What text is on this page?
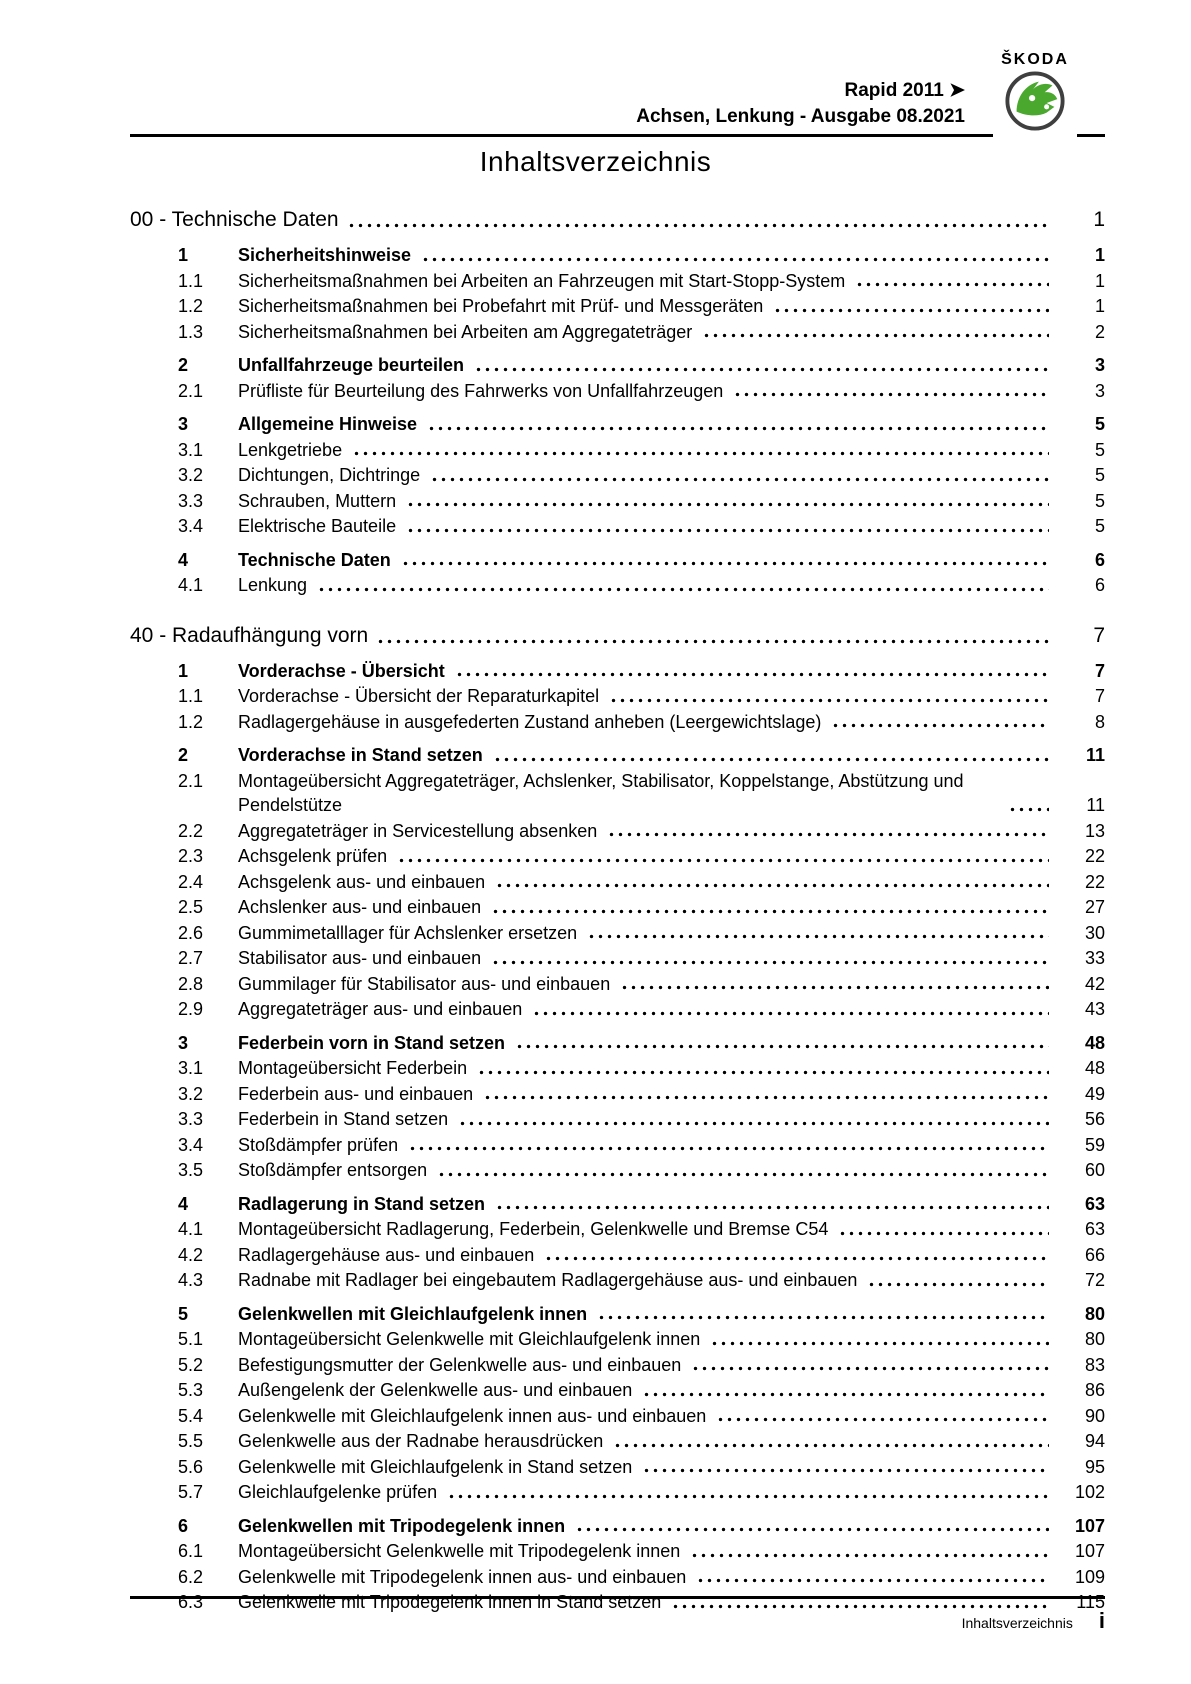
Rapid 2011 ➤
Achsen, Lenkung - Ausgabe 08.2021
ŠKODA
Inhaltsverzeichnis
00 - Technische Daten	1
1	Sicherheitshinweise	1
1.1	Sicherheitsmaßnahmen bei Arbeiten an Fahrzeugen mit Start-Stopp-System	1
1.2	Sicherheitsmaßnahmen bei Probefahrt mit Prüf- und Messgeräten	1
1.3	Sicherheitsmaßnahmen bei Arbeiten am Aggregateträger	2
2	Unfallfahrzeuge beurteilen	3
2.1	Prüfliste für Beurteilung des Fahrwerks von Unfallfahrzeugen	3
3	Allgemeine Hinweise	5
3.1	Lenkgetriebe	5
3.2	Dichtungen, Dichtringe	5
3.3	Schrauben, Muttern	5
3.4	Elektrische Bauteile	5
4	Technische Daten	6
4.1	Lenkung	6
40 - Radaufhängung vorn	7
1	Vorderachse - Übersicht	7
1.1	Vorderachse - Übersicht der Reparaturkapitel	7
1.2	Radlagergehäuse in ausgefederten Zustand anheben (Leergewichtslage)	8
2	Vorderachse in Stand setzen	11
2.1	Montageübersicht Aggregateträger, Achslenker, Stabilisator, Koppelstange, Abstützung und Pendelstütze	11
2.2	Aggregateträger in Servicestellung absenken	13
2.3	Achsgelenk prüfen	22
2.4	Achsgelenk aus- und einbauen	22
2.5	Achslenker aus- und einbauen	27
2.6	Gummimetalllager für Achslenker ersetzen	30
2.7	Stabilisator aus- und einbauen	33
2.8	Gummilager für Stabilisator aus- und einbauen	42
2.9	Aggregateträger aus- und einbauen	43
3	Federbein vorn in Stand setzen	48
3.1	Montageübersicht Federbein	48
3.2	Federbein aus- und einbauen	49
3.3	Federbein in Stand setzen	56
3.4	Stoßdämpfer prüfen	59
3.5	Stoßdämpfer entsorgen	60
4	Radlagerung in Stand setzen	63
4.1	Montageübersicht Radlagerung, Federbein, Gelenkwelle und Bremse C54	63
4.2	Radlagergehäuse aus- und einbauen	66
4.3	Radnabe mit Radlager bei eingebautem Radlagergehäuse aus- und einbauen	72
5	Gelenkwellen mit Gleichlaufgelenk innen	80
5.1	Montageübersicht Gelenkwelle mit Gleichlaufgelenk innen	80
5.2	Befestigungsmutter der Gelenkwelle aus- und einbauen	83
5.3	Außengelenk der Gelenkwelle aus- und einbauen	86
5.4	Gelenkwelle mit Gleichlaufgelenk innen aus- und einbauen	90
5.5	Gelenkwelle aus der Radnabe herausdrücken	94
5.6	Gelenkwelle mit Gleichlaufgelenk in Stand setzen	95
5.7	Gleichlaufgelenke prüfen	102
6	Gelenkwellen mit Tripodegelenk innen	107
6.1	Montageübersicht Gelenkwelle mit Tripodegelenk innen	107
6.2	Gelenkwelle mit Tripodegelenk innen aus- und einbauen	109
6.3	Gelenkwelle mit Tripodegelenk innen in Stand setzen	115
Inhaltsverzeichnis i
